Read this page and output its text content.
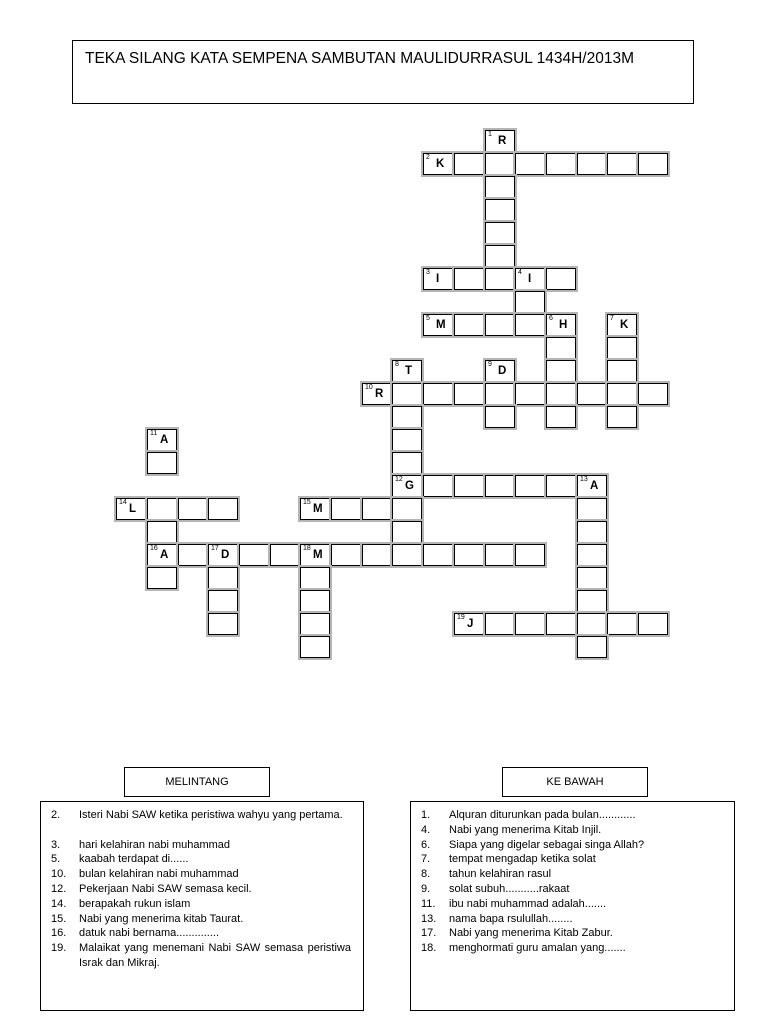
TEKA SILANG KATA SEMPENA SAMBUTAN MAULIDURRASUL 1434H/2013M
1
R
2
K
3
I
4
I
5
M
6
H
7
K
8
T
9
D
10
R
11
A
12
G
13
A
14
L
15
M
16
A
17
D
18
M
19
J
MELINTANG
2. Isteri Nabi SAW ketika peristiwa wahyu yang pertama.
3. hari kelahiran nabi muhammad
5. kaabah terdapat di......
10. bulan kelahiran nabi muhammad
12. Pekerjaan Nabi SAW semasa kecil.
14. berapakah rukun islam
15. Nabi yang menerima kitab Taurat.
16. datuk nabi bernama..............
19. Malaikat yang menemani Nabi SAW semasa peristiwa Israk dan Mikraj.
KE BAWAH
1. Alquran diturunkan pada bulan............
4. Nabi yang menerima Kitab Injil.
6. Siapa yang digelar sebagai singa Allah?
7. tempat mengadap ketika solat
8. tahun kelahiran rasul
9. solat subuh...........rakaat
11. ibu nabi muhammad adalah.......
13. nama bapa rsulullah........
17. Nabi yang menerima Kitab Zabur.
18. menghormati guru amalan yang.......
